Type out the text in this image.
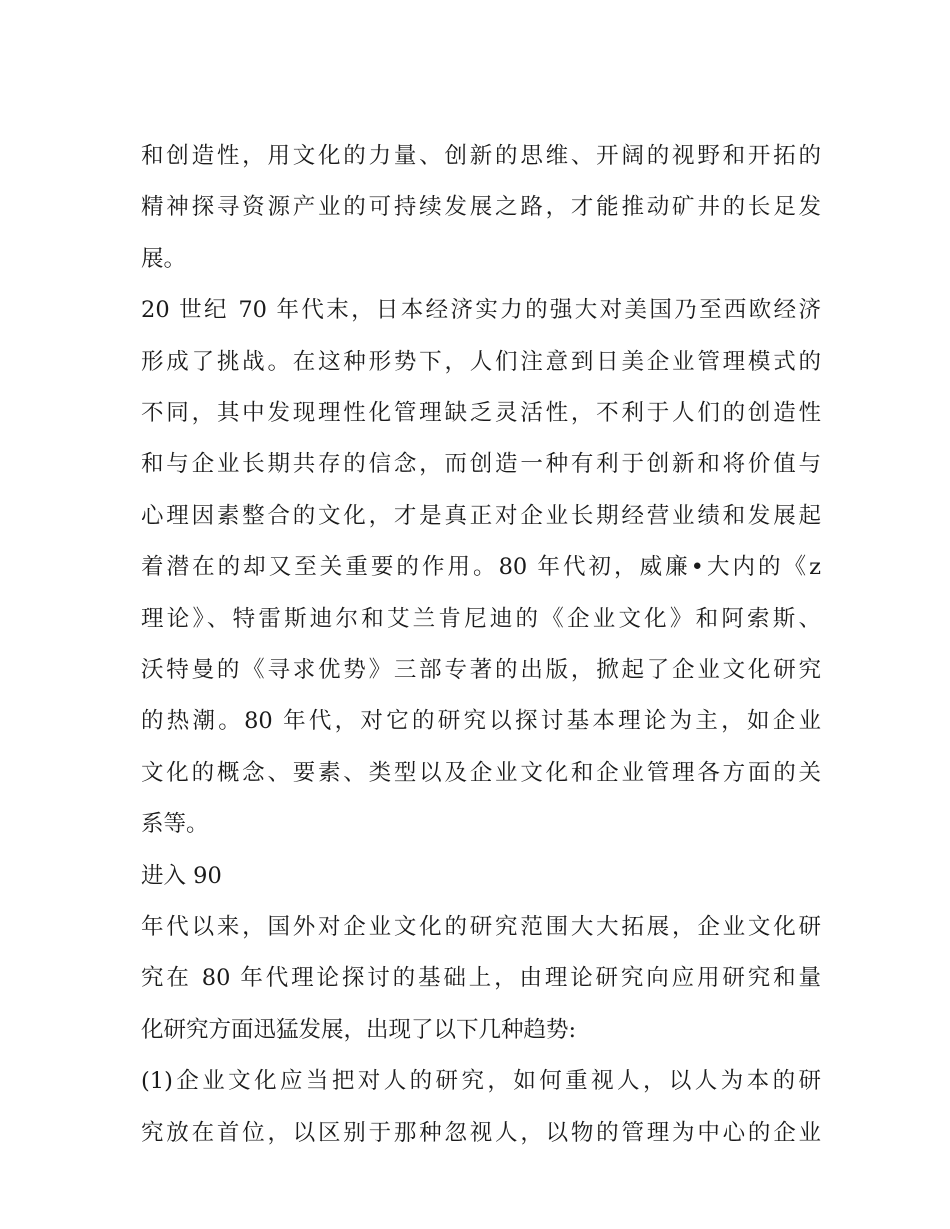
和创造性，用文化的力量、创新的思维、开阔的视野和开拓的
精神探寻资源产业的可持续发展之路，才能推动矿井的长足发
展。
20 世纪 70 年代末，日本经济实力的强大对美国乃至西欧经济
形成了挑战。在这种形势下，人们注意到日美企业管理模式的
不同，其中发现理性化管理缺乏灵活性，不利于人们的创造性
和与企业长期共存的信念，而创造一种有利于创新和将价值与
心理因素整合的文化，才是真正对企业长期经营业绩和发展起
着潜在的却又至关重要的作用。80 年代初，威廉•大内的《z
理论》、特雷斯迪尔和艾兰肯尼迪的《企业文化》和阿索斯、
沃特曼的《寻求优势》三部专著的出版，掀起了企业文化研究
的热潮。80 年代，对它的研究以探讨基本理论为主，如企业
文化的概念、要素、类型以及企业文化和企业管理各方面的关
系等。
进入 90
年代以来，国外对企业文化的研究范围大大拓展，企业文化研
究在 80 年代理论探讨的基础上，由理论研究向应用研究和量
化研究方面迅猛发展，出现了以下几种趋势:
(1)企业文化应当把对人的研究，如何重视人，以人为本的研
究放在首位，以区别于那种忽视人，以物的管理为中心的企业
